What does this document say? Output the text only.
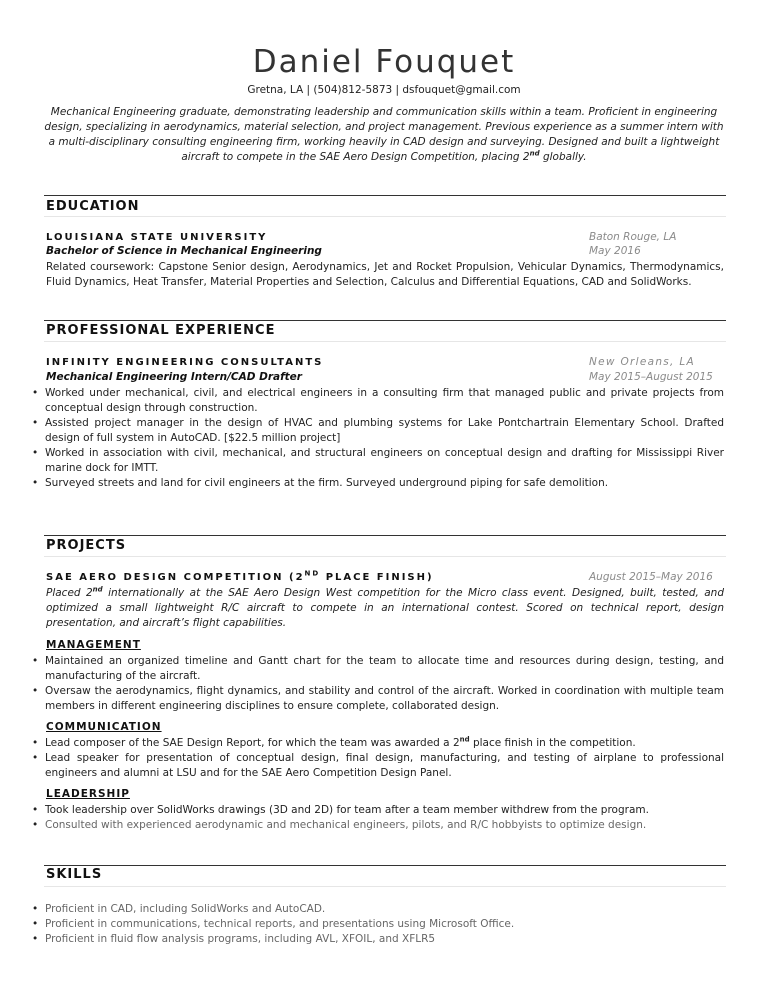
Daniel Fouquet
Gretna, LA | (504)812-5873 | dsfouquet@gmail.com
Mechanical Engineering graduate, demonstrating leadership and communication skills within a team. Proficient in engineering design, specializing in aerodynamics, material selection, and project management. Previous experience as a summer intern with a multi-disciplinary consulting engineering firm, working heavily in CAD design and surveying. Designed and built a lightweight aircraft to compete in the SAE Aero Design Competition, placing 2nd globally.
EDUCATION
LOUISIANA STATE UNIVERSITY	Baton Rouge, LA
Bachelor of Science in Mechanical Engineering	May 2016
Related coursework: Capstone Senior design, Aerodynamics, Jet and Rocket Propulsion, Vehicular Dynamics, Thermodynamics, Fluid Dynamics, Heat Transfer, Material Properties and Selection, Calculus and Differential Equations, CAD and SolidWorks.
PROFESSIONAL EXPERIENCE
INFINITY ENGINEERING CONSULTANTS	New Orleans, LA
Mechanical Engineering Intern/CAD Drafter	May 2015–August 2015
• Worked under mechanical, civil, and electrical engineers in a consulting firm that managed public and private projects from conceptual design through construction.
• Assisted project manager in the design of HVAC and plumbing systems for Lake Pontchartrain Elementary School. Drafted design of full system in AutoCAD. [$22.5 million project]
• Worked in association with civil, mechanical, and structural engineers on conceptual design and drafting for Mississippi River marine dock for IMTT.
• Surveyed streets and land for civil engineers at the firm. Surveyed underground piping for safe demolition.
PROJECTS
SAE AERO DESIGN COMPETITION (2ND PLACE FINISH)	August 2015–May 2016
Placed 2nd internationally at the SAE Aero Design West competition for the Micro class event. Designed, built, tested, and optimized a small lightweight R/C aircraft to compete in an international contest. Scored on technical report, design presentation, and aircraft’s flight capabilities.
MANAGEMENT
• Maintained an organized timeline and Gantt chart for the team to allocate time and resources during design, testing, and manufacturing of the aircraft.
• Oversaw the aerodynamics, flight dynamics, and stability and control of the aircraft. Worked in coordination with multiple team members in different engineering disciplines to ensure complete, collaborated design.
COMMUNICATION
• Lead composer of the SAE Design Report, for which the team was awarded a 2nd place finish in the competition.
• Lead speaker for presentation of conceptual design, final design, manufacturing, and testing of airplane to professional engineers and alumni at LSU and for the SAE Aero Competition Design Panel.
LEADERSHIP
• Took leadership over SolidWorks drawings (3D and 2D) for team after a team member withdrew from the program.
• Consulted with experienced aerodynamic and mechanical engineers, pilots, and R/C hobbyists to optimize design.
SKILLS
• Proficient in CAD, including SolidWorks and AutoCAD.
• Proficient in communications, technical reports, and presentations using Microsoft Office.
• Proficient in fluid flow analysis programs, including AVL, XFOIL, and XFLR5
